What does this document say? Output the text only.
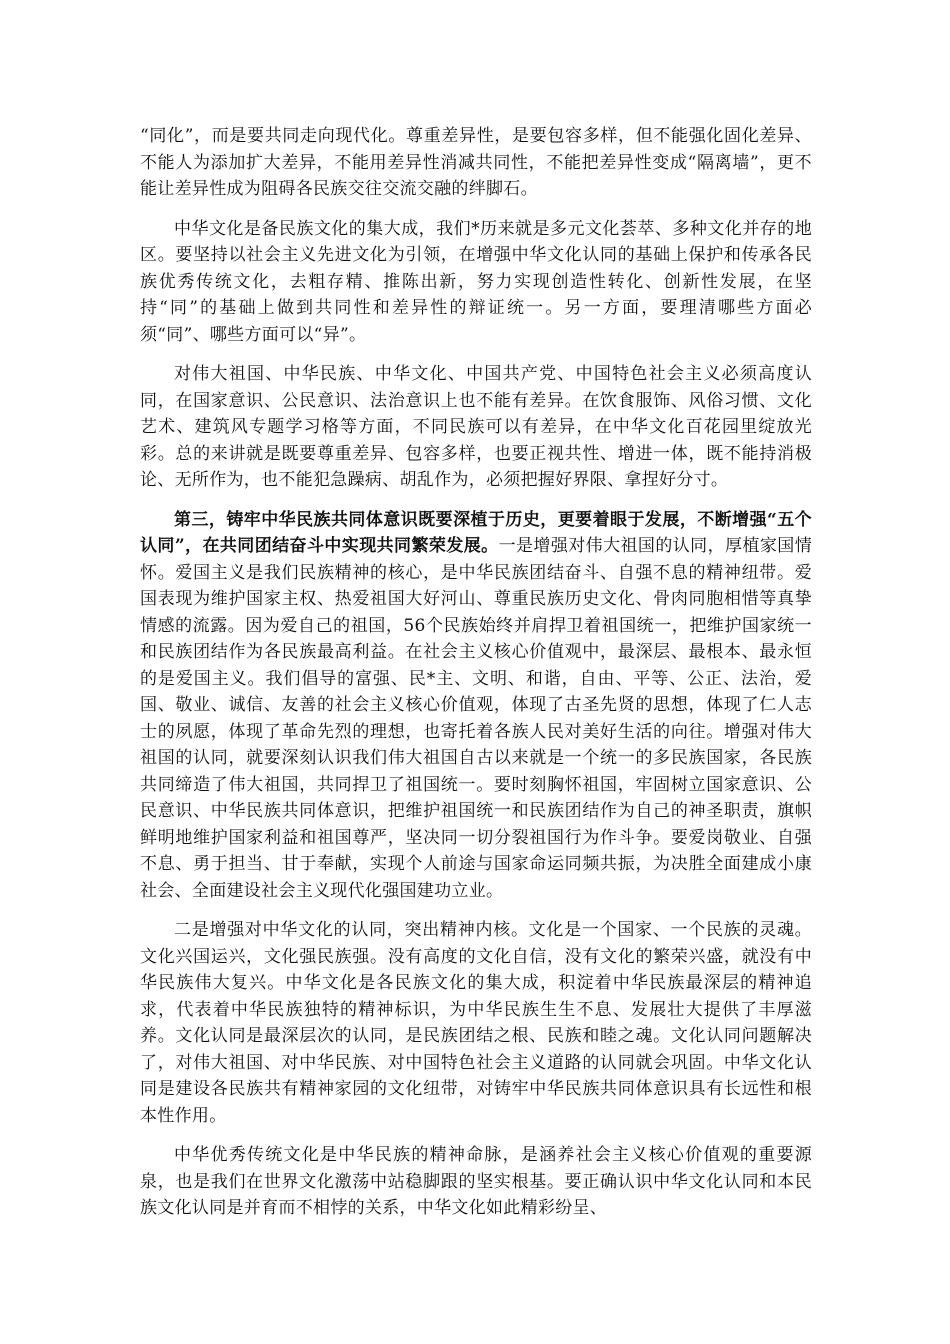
“同化”，而是要共同走向现代化。尊重差异性，是要包容多样，但不能强化固化差异、不能人为添加扩大差异，不能用差异性消减共同性，不能把差异性变成“隔离墙”，更不能让差异性成为阻碍各民族交往交流交融的绊脚石。

中华文化是备民族文化的集大成，我们*历来就是多元文化荟萃、多种文化并存的地区。要坚持以社会主义先进文化为引领，在增强中华文化认同的基础上保护和传承各民族优秀传统文化，去粗存精、推陈出新，努力实现创造性转化、创新性发展，在坚持“同”的基础上做到共同性和差异性的辩证统一。另一方面，要理清哪些方面必须“同”、哪些方面可以“异”。

对伟大祖国、中华民族、中华文化、中国共产党、中国特色社会主义必须高度认同，在国家意识、公民意识、法治意识上也不能有差异。在饮食服饰、风俗习惯、文化艺术、建筑风专题学习格等方面，不同民族可以有差异，在中华文化百花园里绽放光彩。总的来讲就是既要尊重差异、包容多样，也要正视共性、增进一体，既不能持消极论、无所作为，也不能犯急躁病、胡乱作为，必须把握好界限、拿捏好分寸。

第三，铸牢中华民族共同体意识既要深植于历史，更要着眼于发展，不断增强“五个认同”，在共同团结奋斗中实现共同繁荣发展。一是增强对伟大祖国的认同，厚植家国情怀。爱国主义是我们民族精神的核心，是中华民族团结奋斗、自强不息的精神纽带。爱国表现为维护国家主权、热爱祖国大好河山、尊重民族历史文化、骨肉同胞相惜等真挚情感的流露。因为爱自己的祖国，56个民族始终并肩捍卫着祖国统一，把维护国家统一和民族团结作为各民族最高利益。在社会主义核心价值观中，最深层、最根本、最永恒的是爱国主义。我们倡导的富强、民*主、文明、和谐，自由、平等、公正、法治，爱国、敬业、诚信、友善的社会主义核心价值观，体现了古圣先贤的思想，体现了仁人志士的夙愿，体现了革命先烈的理想，也寄托着各族人民对美好生活的向往。增强对伟大祖国的认同，就要深刻认识我们伟大祖国自古以来就是一个统一的多民族国家，各民族共同缔造了伟大祖国，共同捍卫了祖国统一。要时刻胸怀祖国，牢固树立国家意识、公民意识、中华民族共同体意识，把维护祖国统一和民族团结作为自己的神圣职责，旗帜鲜明地维护国家利益和祖国尊严，坚决同一切分裂祖国行为作斗争。要爱岗敬业、自强不息、勇于担当、甘于奉献，实现个人前途与国家命运同频共振，为决胜全面建成小康社会、全面建设社会主义现代化强国建功立业。

二是增强对中华文化的认同，突出精神内核。文化是一个国家、一个民族的灵魂。文化兴国运兴，文化强民族强。没有高度的文化自信，没有文化的繁荣兴盛，就没有中华民族伟大复兴。中华文化是各民族文化的集大成，积淀着中华民族最深层的精神追求，代表着中华民族独特的精神标识，为中华民族生生不息、发展壮大提供了丰厚滋养。文化认同是最深层次的认同，是民族团结之根、民族和睦之魂。文化认同问题解决了，对伟大祖国、对中华民族、对中国特色社会主义道路的认同就会巩固。中华文化认同是建设各民族共有精神家园的文化纽带，对铸牢中华民族共同体意识具有长远性和根本性作用。

中华优秀传统文化是中华民族的精神命脉，是涵养社会主义核心价值观的重要源泉，也是我们在世界文化激荡中站稳脚跟的坚实根基。要正确认识中华文化认同和本民族文化认同是并育而不相悖的关系，中华文化如此精彩纷呈、
